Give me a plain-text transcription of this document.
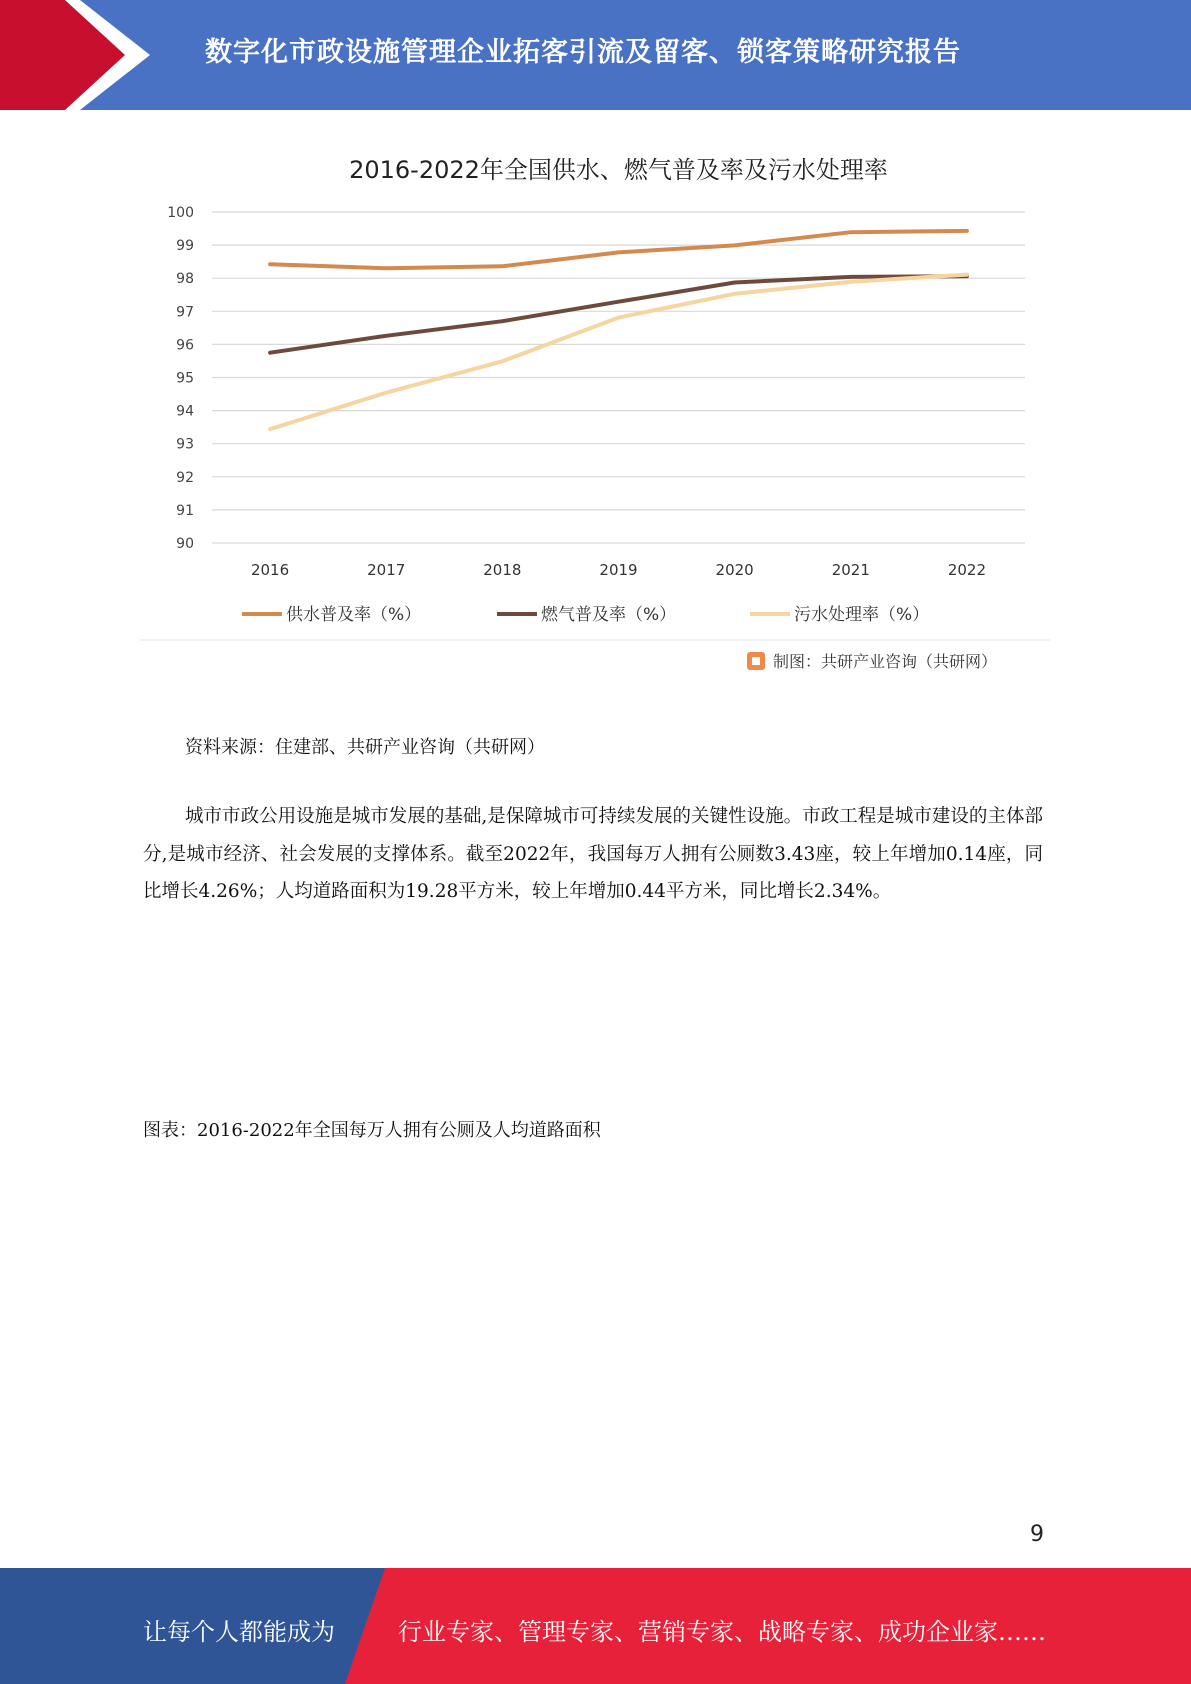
数字化市政设施管理企业拓客引流及留客、锁客策略研究报告
2016-2022年全国供水、燃气普及率及污水处理率
100
99
98
97
96
95
94
93
92
91
90
2016	2017	2018	2019	2020	2021	2022
供水普及率（%）	燃气普及率（%）	污水处理率（%）
制图：共研产业咨询（共研网）
资料来源：住建部、共研产业咨询（共研网）
城市市政公用设施是城市发展的基础,是保障城市可持续发展的关键性设施。市政工程是城市建设的主体部分,是城市经济、社会发展的支撑体系。截至2022年，我国每万人拥有公厕数3.43座，较上年增加0.14座，同比增长4.26%；人均道路面积为19.28平方米，较上年增加0.44平方米，同比增长2.34%。
图表：2016-2022年全国每万人拥有公厕及人均道路面积
9
让每个人都能成为	行业专家、管理专家、营销专家、战略专家、成功企业家……
